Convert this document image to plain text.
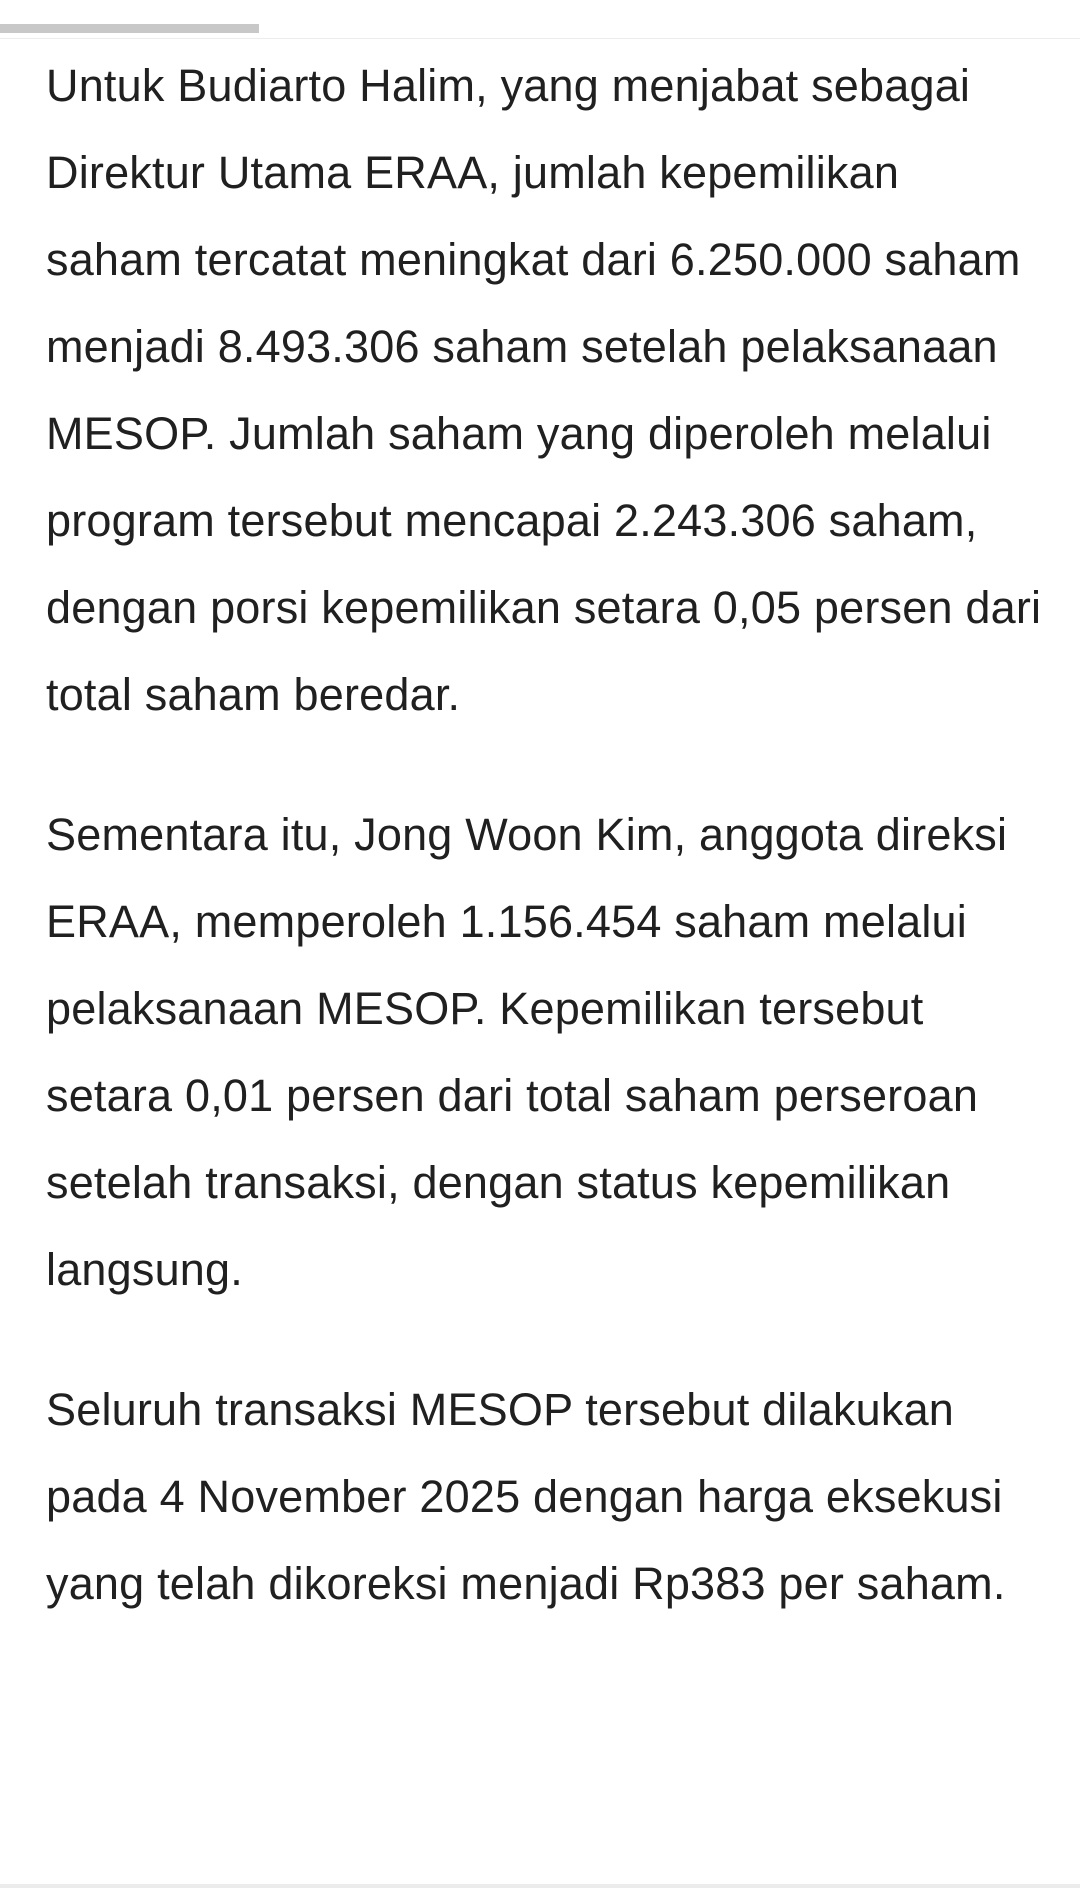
Untuk Budiarto Halim, yang menjabat sebagai Direktur Utama ERAA, jumlah kepemilikan saham tercatat meningkat dari 6.250.000 saham menjadi 8.493.306 saham setelah pelaksanaan MESOP. Jumlah saham yang diperoleh melalui program tersebut mencapai 2.243.306 saham, dengan porsi kepemilikan setara 0,05 persen dari total saham beredar.

Sementara itu, Jong Woon Kim, anggota direksi ERAA, memperoleh 1.156.454 saham melalui pelaksanaan MESOP. Kepemilikan tersebut setara 0,01 persen dari total saham perseroan setelah transaksi, dengan status kepemilikan langsung.

Seluruh transaksi MESOP tersebut dilakukan pada 4 November 2025 dengan harga eksekusi yang telah dikoreksi menjadi Rp383 per saham.
